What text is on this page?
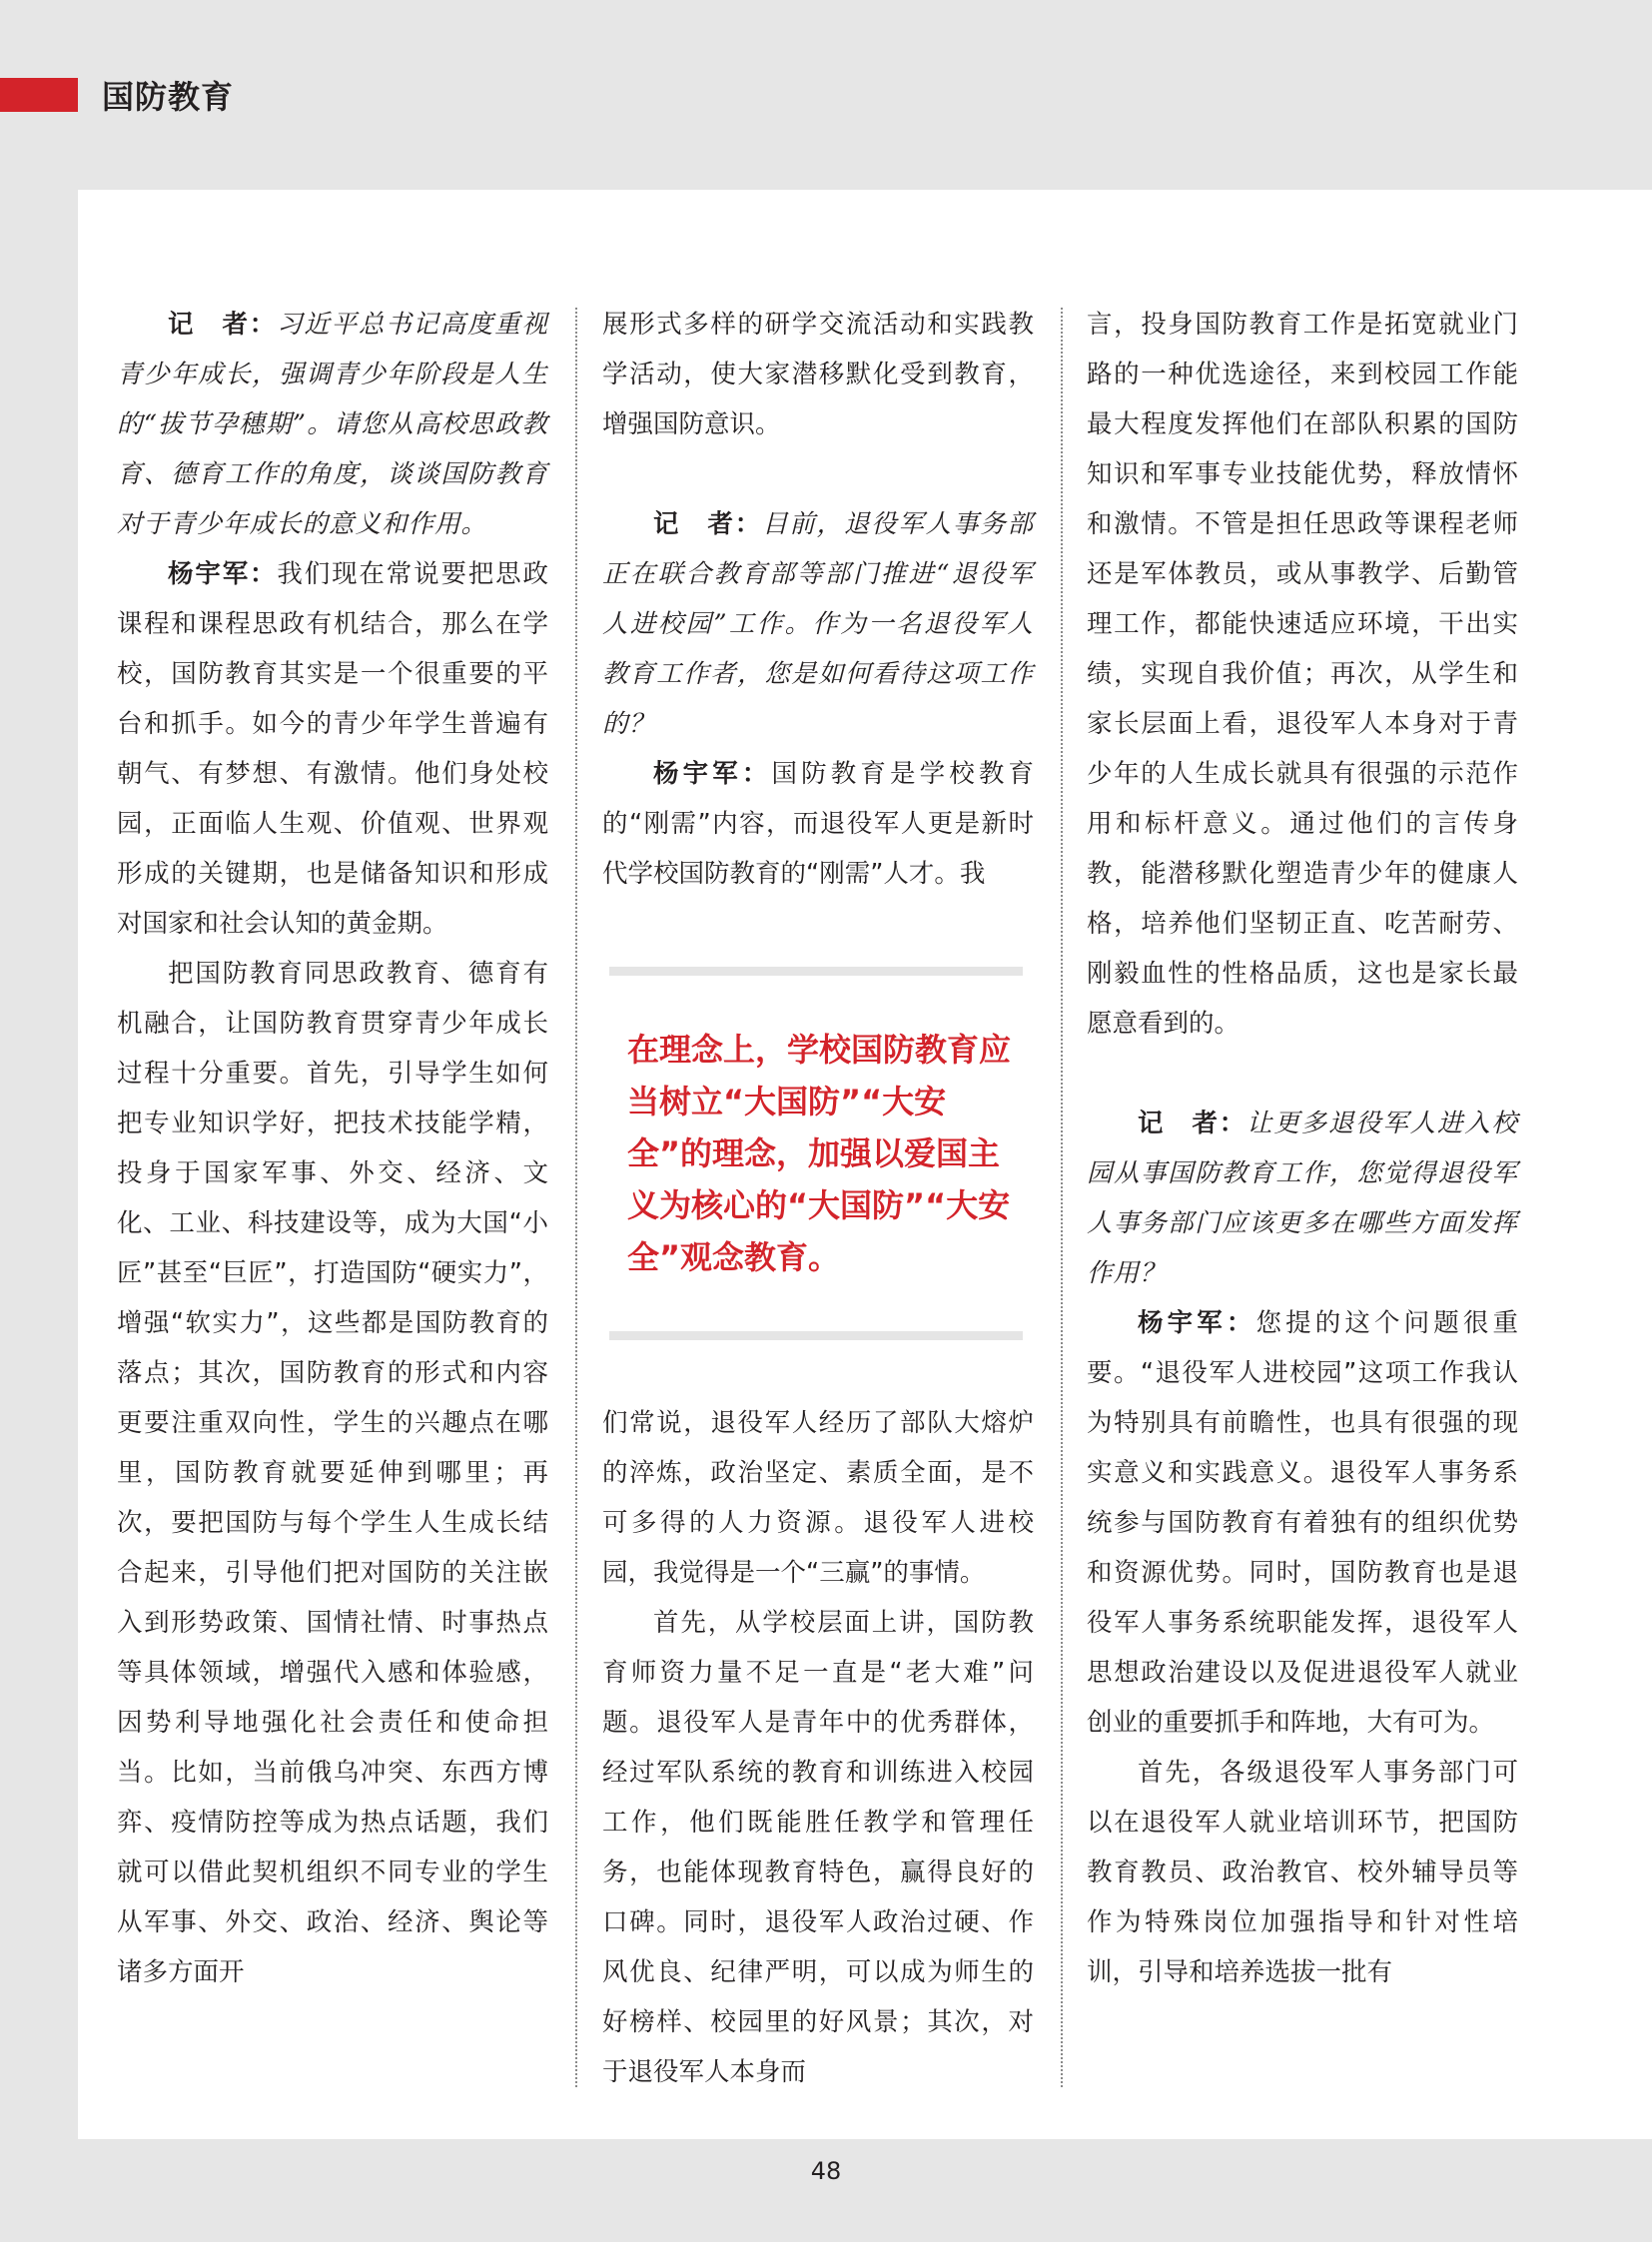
国防教育

记　者：习近平总书记高度重视青少年成长，强调青少年阶段是人生的“拔节孕穗期”。请您从高校思政教育、德育工作的角度，谈谈国防教育对于青少年成长的意义和作用。

杨宇军：我们现在常说要把思政课程和课程思政有机结合，那么在学校，国防教育其实是一个很重要的平台和抓手。如今的青少年学生普遍有朝气、有梦想、有激情。他们身处校园，正面临人生观、价值观、世界观形成的关键期，也是储备知识和形成对国家和社会认知的黄金期。

把国防教育同思政教育、德育有机融合，让国防教育贯穿青少年成长过程十分重要。首先，引导学生如何把专业知识学好，把技术技能学精，投身于国家军事、外交、经济、文化、工业、科技建设等，成为大国“小匠”甚至“巨匠”，打造国防“硬实力”，增强“软实力”，这些都是国防教育的落点；其次，国防教育的形式和内容更要注重双向性，学生的兴趣点在哪里，国防教育就要延伸到哪里；再次，要把国防与每个学生人生成长结合起来，引导他们把对国防的关注嵌入到形势政策、国情社情、时事热点等具体领域，增强代入感和体验感，因势利导地强化社会责任和使命担当。比如，当前俄乌冲突、东西方博弈、疫情防控等成为热点话题，我们就可以借此契机组织不同专业的学生从军事、外交、政治、经济、舆论等诸多方面开

展形式多样的研学交流活动和实践教学活动，使大家潜移默化受到教育，增强国防意识。

记　者：目前，退役军人事务部正在联合教育部等部门推进“退役军人进校园”工作。作为一名退役军人教育工作者，您是如何看待这项工作的？

杨宇军：国防教育是学校教育的“刚需”内容，而退役军人更是新时代学校国防教育的“刚需”人才。我

们常说，退役军人经历了部队大熔炉的淬炼，政治坚定、素质全面，是不可多得的人力资源。退役军人进校园，我觉得是一个“三赢”的事情。

首先，从学校层面上讲，国防教育师资力量不足一直是“老大难”问题。退役军人是青年中的优秀群体，经过军队系统的教育和训练进入校园工作，他们既能胜任教学和管理任务，也能体现教育特色，赢得良好的口碑。同时，退役军人政治过硬、作风优良、纪律严明，可以成为师生的好榜样、校园里的好风景；其次，对于退役军人本身而

在理念上，学校国防教育应当树立“大国防”“大安全”的理念，加强以爱国主义为核心的“大国防”“大安全”观念教育。

言，投身国防教育工作是拓宽就业门路的一种优选途径，来到校园工作能最大程度发挥他们在部队积累的国防知识和军事专业技能优势，释放情怀和激情。不管是担任思政等课程老师还是军体教员，或从事教学、后勤管理工作，都能快速适应环境，干出实绩，实现自我价值；再次，从学生和家长层面上看，退役军人本身对于青少年的人生成长就具有很强的示范作用和标杆意义。通过他们的言传身教，能潜移默化塑造青少年的健康人格，培养他们坚韧正直、吃苦耐劳、刚毅血性的性格品质，这也是家长最愿意看到的。

记　者：让更多退役军人进入校园从事国防教育工作，您觉得退役军人事务部门应该更多在哪些方面发挥作用？

杨宇军：您提的这个问题很重要。“退役军人进校园”这项工作我认为特别具有前瞻性，也具有很强的现实意义和实践意义。退役军人事务系统参与国防教育有着独有的组织优势和资源优势。同时，国防教育也是退役军人事务系统职能发挥，退役军人思想政治建设以及促进退役军人就业创业的重要抓手和阵地，大有可为。

首先，各级退役军人事务部门可以在退役军人就业培训环节，把国防教育教员、政治教官、校外辅导员等作为特殊岗位加强指导和针对性培训，引导和培养选拔一批有

48
